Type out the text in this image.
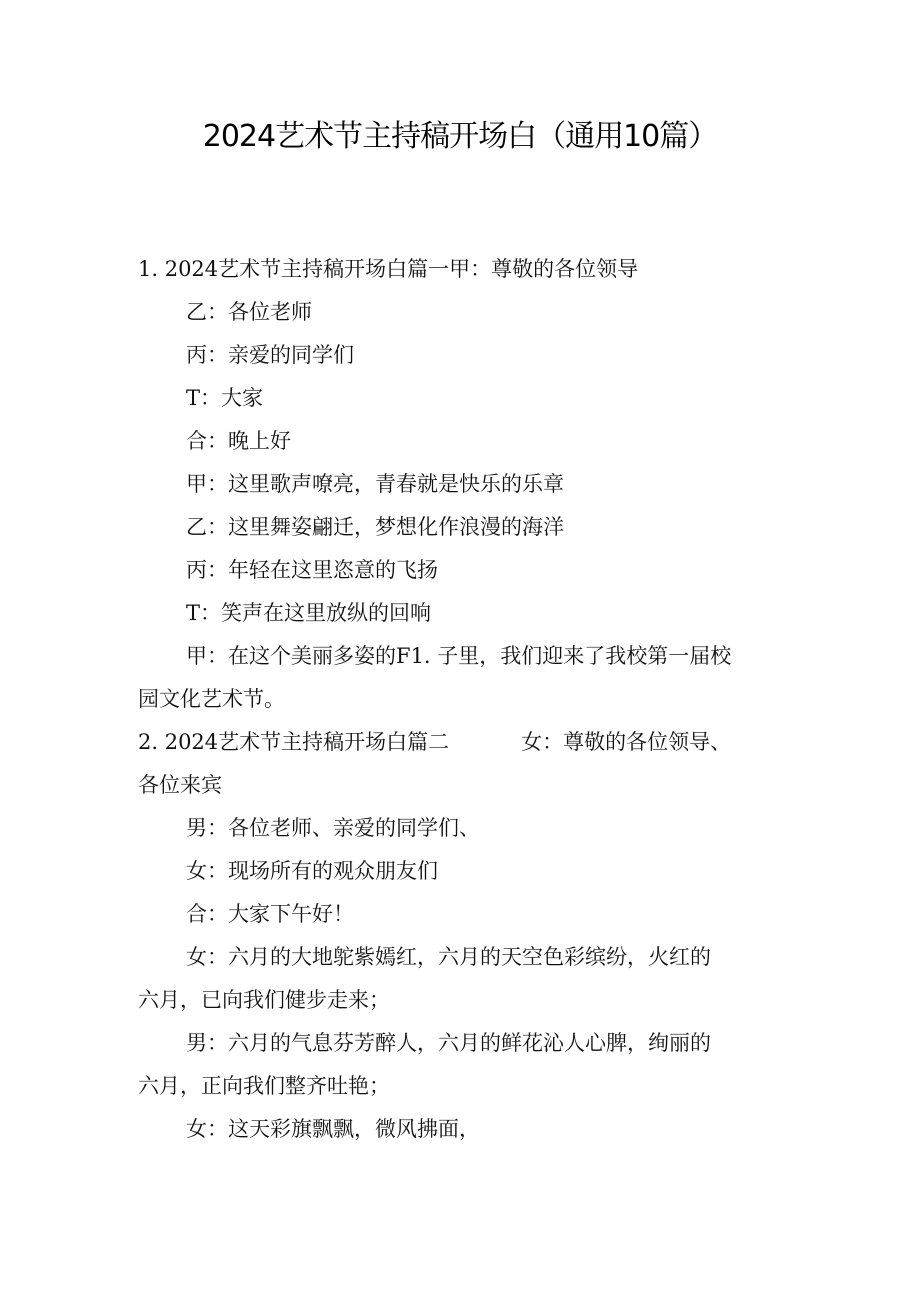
2024艺术节主持稿开场白（通用10篇）

1. 2024艺术节主持稿开场白篇一甲：尊敬的各位领导

乙：各位老师

丙：亲爱的同学们

T：大家

合：晚上好

甲：这里歌声嘹亮，青春就是快乐的乐章

乙：这里舞姿翩迁，梦想化作浪漫的海洋

丙：年轻在这里恣意的飞扬

T：笑声在这里放纵的回响

甲：在这个美丽多姿的F1. 子里，我们迎来了我校第一届校

园文化艺术节。

2. 2024艺术节主持稿开场白篇二	女：尊敬的各位领导、

各位来宾

男：各位老师、亲爱的同学们、

女：现场所有的观众朋友们

合：大家下午好！

女：六月的大地鸵紫嫣红，六月的天空色彩缤纷，火红的

六月，已向我们健步走来；

男：六月的气息芬芳醉人，六月的鲜花沁人心脾，绚丽的

六月，正向我们整齐吐艳；

女：这天彩旗飘飘，微风拂面，
